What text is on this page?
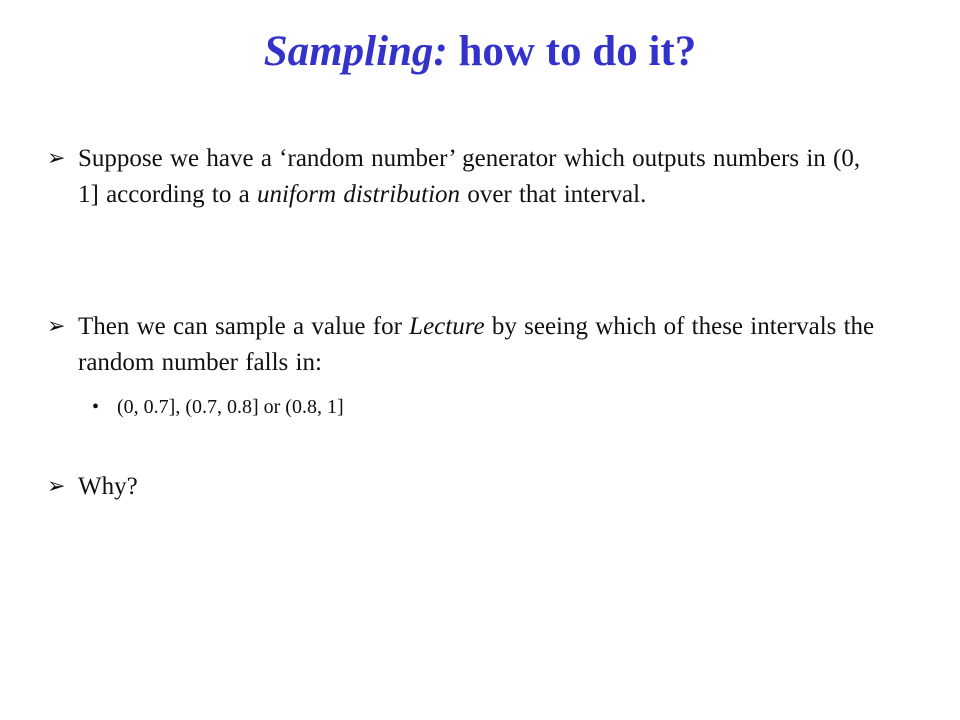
Sampling: how to do it?
➢ Suppose we have a ‘random number’ generator which outputs numbers in (0, 1] according to a uniform distribution over that interval.
➢ Then we can sample a value for Lecture by seeing which of these intervals the random number falls in:
• (0, 0.7], (0.7, 0.8] or (0.8, 1]
➢ Why?
